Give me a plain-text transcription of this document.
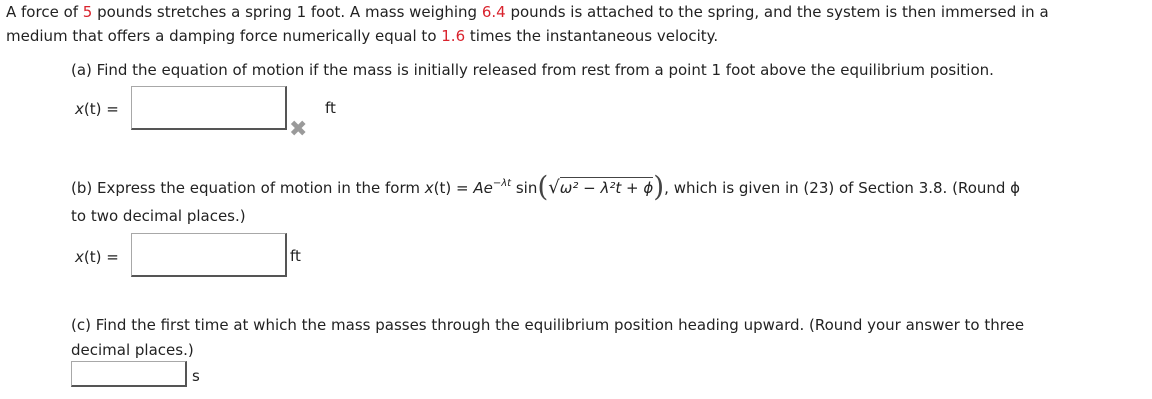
A force of 5 pounds stretches a spring 1 foot. A mass weighing 6.4 pounds is attached to the spring, and the system is then immersed in a
medium that offers a damping force numerically equal to 1.6 times the instantaneous velocity.
(a) Find the equation of motion if the mass is initially released from rest from a point 1 foot above the equilibrium position.
x(t) =	ft
✖
(b) Express the equation of motion in the form $x(t) = Ae^{-\lambda t}$ sin(√ω² − λ²t + ϕ), which is given in (23) of Section 3.8. (Round ϕ
to two decimal places.)
x(t) =	ft
(c) Find the first time at which the mass passes through the equilibrium position heading upward. (Round your answer to three
decimal places.)
s
